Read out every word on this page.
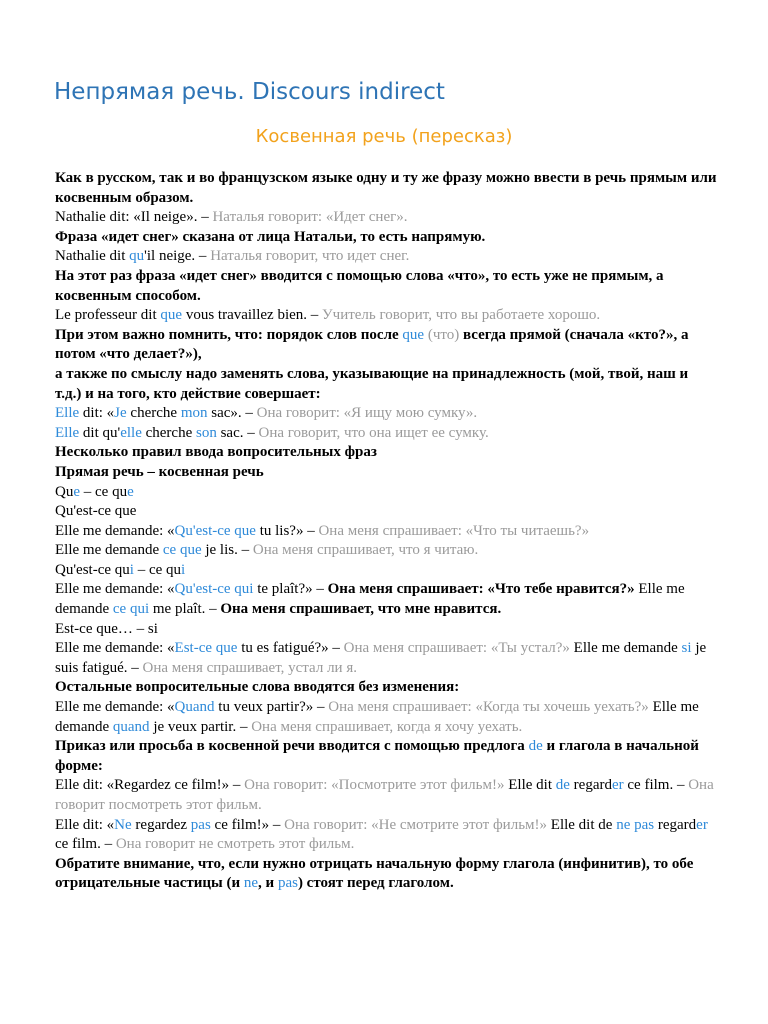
Непрямая речь. Discours indirect
Косвенная речь (пересказ)

Как в русском, так и во французском языке одну и ту же фразу можно ввести в речь прямым или косвенным образом.

Nathalie dit: «Il neige». – Наталья говорит: «Идет снег».

Фраза «идет снег» сказана от лица Натальи, то есть напрямую.

Nathalie dit qu'il neige. – Наталья говорит, что идет снег.

На этот раз фраза «идет снег» вводится с помощью слова «что», то есть уже не прямым, а косвенным способом.

Le professeur dit que vous travaillez bien. – Учитель говорит, что вы работаете хорошо.

При этом важно помнить, что: порядок слов после que (что) всегда прямой (сначала «кто?», а потом «что делает?»),

а также по смыслу надо заменять слова, указывающие на принадлежность (мой, твой, наш и т.д.) и на того, кто действие совершает:

Elle dit: «Je cherche mon sac». – Она говорит: «Я ищу мою сумку».

Elle dit qu'elle cherche son sac. – Она говорит, что она ищет ее сумку.

Несколько правил ввода вопросительных фраз

Прямая речь – косвенная речь

Que – ce que

Qu'est-ce que

Elle me demande: «Qu'est-ce que tu lis?» – Она меня спрашивает: «Что ты читаешь?»

Elle me demande ce que je lis. – Она меня спрашивает, что я читаю.

Qu'est-ce qui – ce qui

Elle me demande: «Qu'est-ce qui te plaît?» – Она меня спрашивает: «Что тебе нравится?» Elle me demande ce qui me plaît. – Она меня спрашивает, что мне нравится.

Est-ce que… – si

Elle me demande: «Est-ce que tu es fatigué?» – Она меня спрашивает: «Ты устал?» Elle me demande si je suis fatigué. – Она меня спрашивает, устал ли я.

Остальные вопросительные слова вводятся без изменения:

Elle me demande: «Quand tu veux partir?» – Она меня спрашивает: «Когда ты хочешь уехать?» Elle me demande quand je veux partir. – Она меня спрашивает, когда я хочу уехать.

Приказ или просьба в косвенной речи вводится с помощью предлога de и глагола в начальной форме:

Elle dit: «Regardez ce film!» – Она говорит: «Посмотрите этот фильм!» Elle dit de regarder ce film. – Она говорит посмотреть этот фильм.

Elle dit: «Ne regardez pas ce film!» – Она говорит: «Не смотрите этот фильм!» Elle dit de ne pas regarder ce film. – Она говорит не смотреть этот фильм.

Обратите внимание, что, если нужно отрицать начальную форму глагола (инфинитив), то обе отрицательные частицы (и ne, и pas) стоят перед глаголом.
